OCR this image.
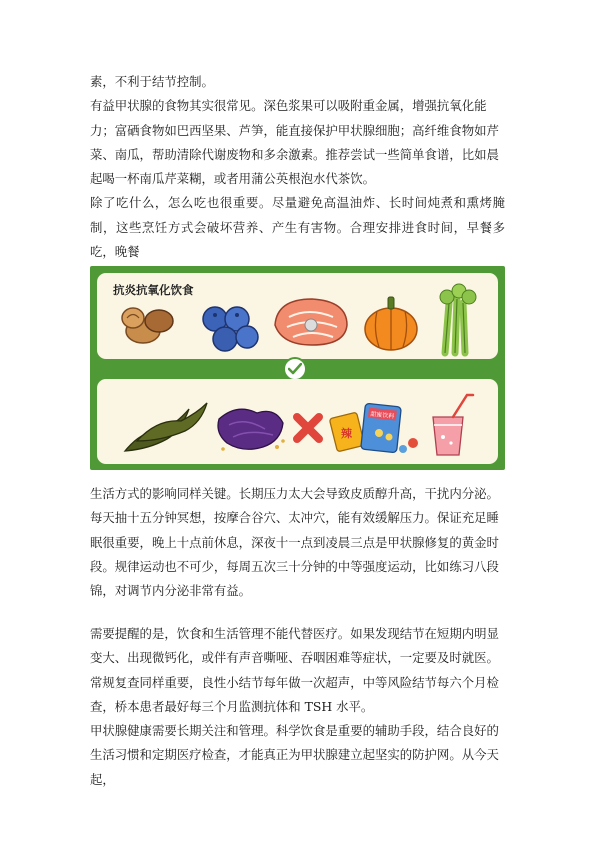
素，不利于结节控制。

有益甲状腺的食物其实很常见。深色浆果可以吸附重金属，增强抗氧化能力；富硒食物如巴西坚果、芦笋，能直接保护甲状腺细胞；高纤维食物如芹菜、南瓜，帮助清除代谢废物和多余激素。推荐尝试一些简单食谱，比如晨起喝一杯南瓜芹菜糊，或者用蒲公英根泡水代茶饮。

除了吃什么，怎么吃也很重要。尽量避免高温油炸、长时间炖煮和熏烤腌制，这些烹饪方式会破坏营养、产生有害物。合理安排进食时间，早餐多吃，晚餐

抗炎抗氧化饮食
辣
甜蜜饮料

生活方式的影响同样关键。长期压力太大会导致皮质醇升高，干扰内分泌。每天抽十五分钟冥想，按摩合谷穴、太冲穴，能有效缓解压力。保证充足睡眠很重要，晚上十点前休息，深夜十一点到凌晨三点是甲状腺修复的黄金时段。规律运动也不可少，每周五次三十分钟的中等强度运动，比如练习八段锦，对调节内分泌非常有益。

需要提醒的是，饮食和生活管理不能代替医疗。如果发现结节在短期内明显变大、出现微钙化，或伴有声音嘶哑、吞咽困难等症状，一定要及时就医。常规复查同样重要，良性小结节每年做一次超声，中等风险结节每六个月检查，桥本患者最好每三个月监测抗体和 TSH 水平。

甲状腺健康需要长期关注和管理。科学饮食是重要的辅助手段，结合良好的生活习惯和定期医疗检查，才能真正为甲状腺建立起坚实的防护网。从今天起，
